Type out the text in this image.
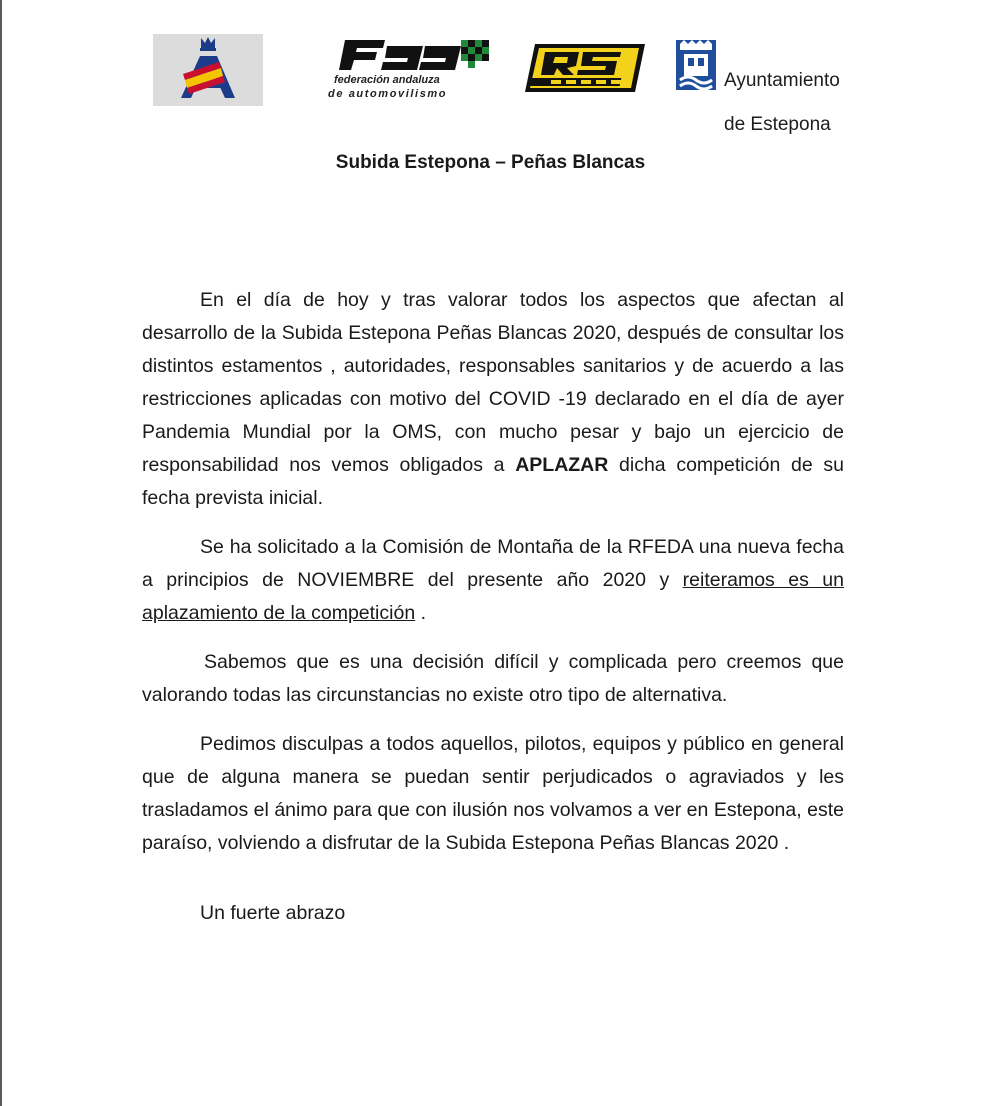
federación andaluza
de automovilismo

Ayuntamiento

de Estepona

Subida Estepona – Peñas Blancas

En el día de hoy y tras valorar todos los aspectos que afectan al desarrollo de la Subida Estepona Peñas Blancas 2020, después de consultar los distintos estamentos , autoridades, responsables sanitarios y de acuerdo a las restricciones aplicadas con motivo del COVID -19 declarado en el día de ayer Pandemia Mundial por la OMS, con mucho pesar y bajo un ejercicio de responsabilidad nos vemos obligados a APLAZAR dicha competición de su fecha prevista inicial.

Se ha solicitado a la Comisión de Montaña de la RFEDA una nueva fecha a principios de NOVIEMBRE del presente año 2020 y reiteramos es un aplazamiento de la competición .

Sabemos que es una decisión difícil y complicada pero creemos que valorando todas las circunstancias no existe otro tipo de alternativa.

Pedimos disculpas a todos aquellos, pilotos, equipos y público en general que de alguna manera se puedan sentir perjudicados o agraviados y les trasladamos el ánimo para que con ilusión nos volvamos a ver en Estepona, este paraíso, volviendo a disfrutar de la Subida Estepona Peñas Blancas 2020 .

Un fuerte abrazo
